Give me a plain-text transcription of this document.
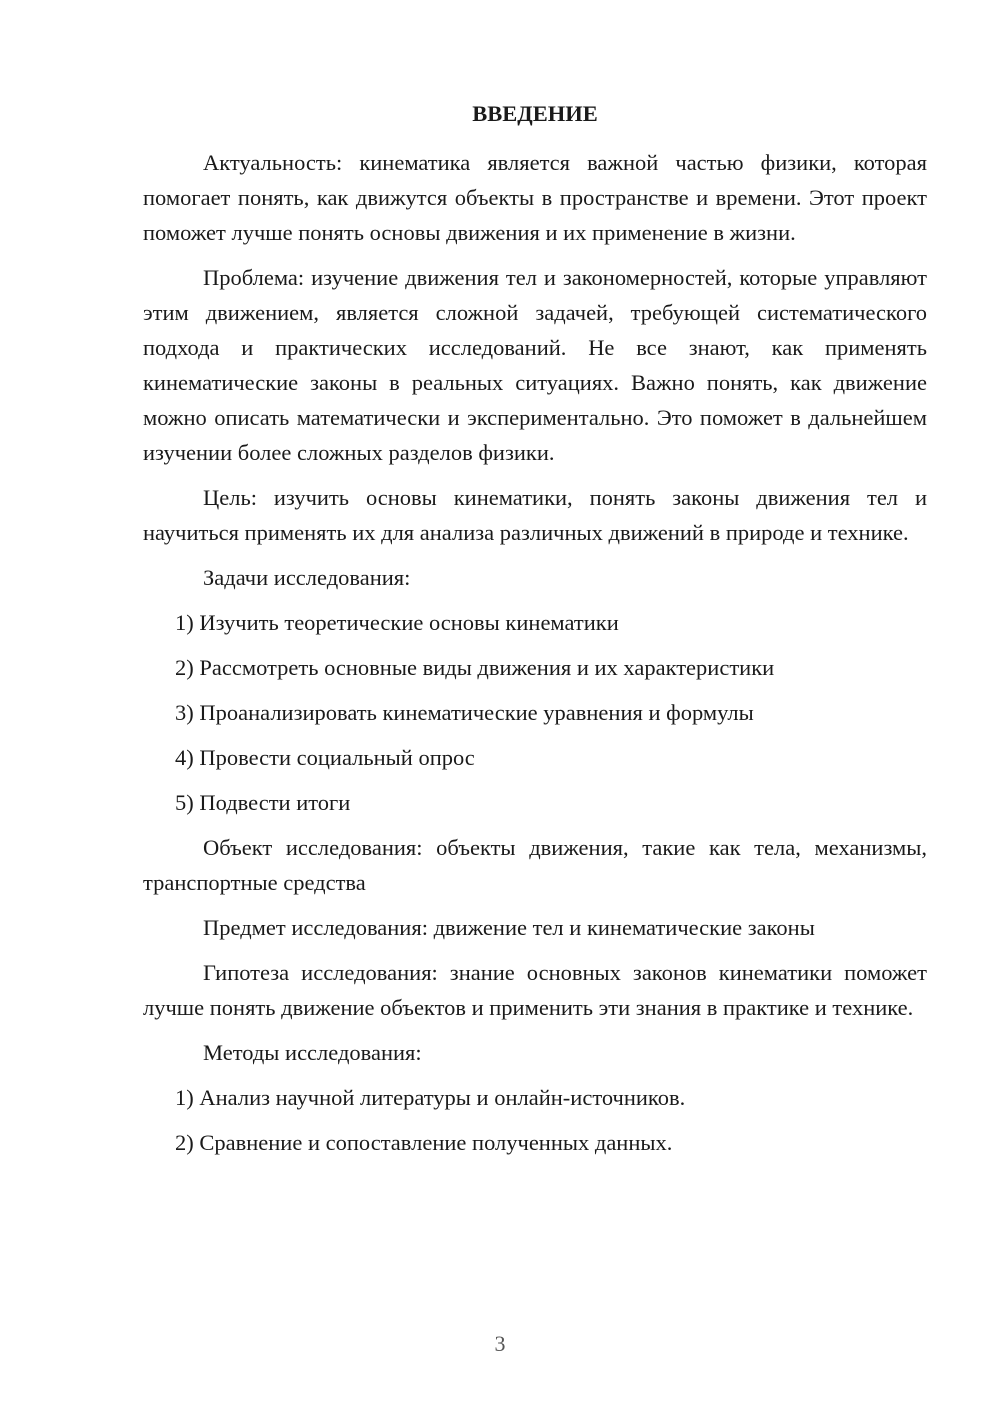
ВВЕДЕНИЕ
Актуальность: кинематика является важной частью физики, которая помогает понять, как движутся объекты в пространстве и времени. Этот проект поможет лучше понять основы движения и их применение в жизни.
Проблема: изучение движения тел и закономерностей, которые управляют этим движением, является сложной задачей, требующей систематического подхода и практических исследований. Не все знают, как применять кинематические законы в реальных ситуациях. Важно понять, как движение можно описать математически и экспериментально. Это поможет в дальнейшем изучении более сложных разделов физики.
Цель: изучить основы кинематики, понять законы движения тел и научиться применять их для анализа различных движений в природе и технике.
Задачи исследования:
1) Изучить теоретические основы кинематики
2) Рассмотреть основные виды движения и их характеристики
3) Проанализировать кинематические уравнения и формулы
4) Провести социальный опрос
5) Подвести итоги
Объект исследования: объекты движения, такие как тела, механизмы, транспортные средства
Предмет исследования: движение тел и кинематические законы
Гипотеза исследования: знание основных законов кинематики поможет лучше понять движение объектов и применить эти знания в практике и технике.
Методы исследования:
1) Анализ научной литературы и онлайн-источников.
2) Сравнение и сопоставление полученных данных.
3
